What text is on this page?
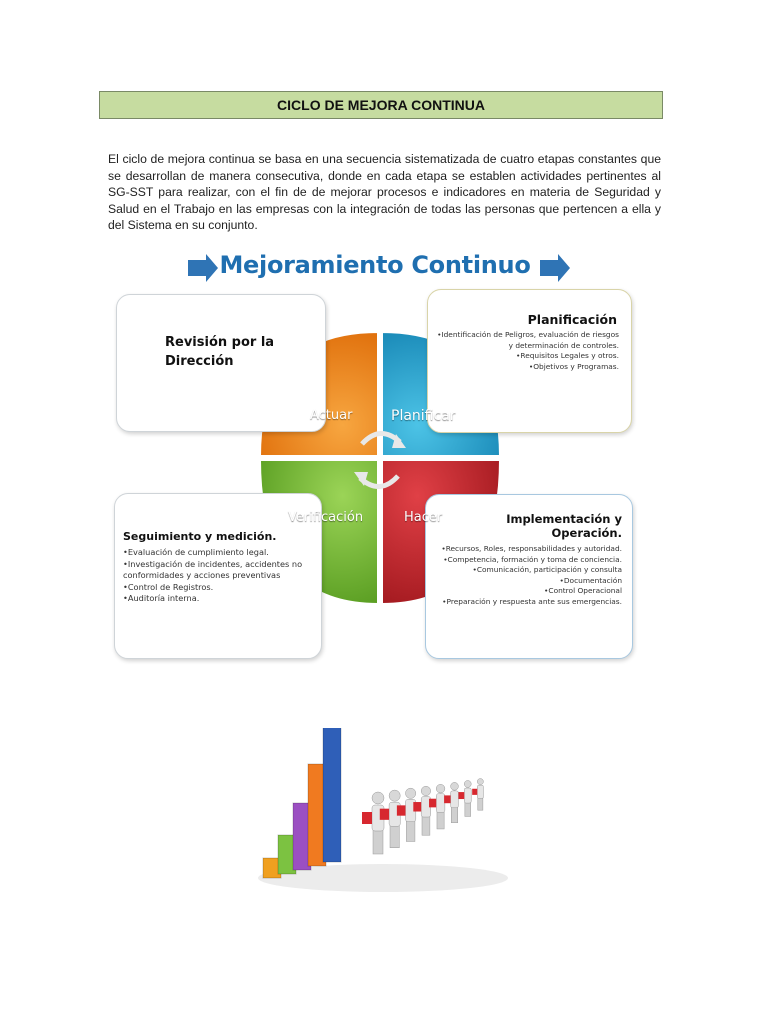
CICLO DE MEJORA CONTINUA
El ciclo de mejora continua se basa en una secuencia sistematizada de cuatro etapas constantes que se desarrollan de manera consecutiva, donde en cada etapa se establen actividades pertinentes al SG-SST para realizar, con el fin de de mejorar procesos e indicadores en materia de Seguridad y Salud en el Trabajo en las empresas con la integración de todas las personas que pertencen a ella y del Sistema en su conjunto.
Mejoramiento Continuo
Revisión por la
Dirección
Planificación
• Identificación de Peligros, evaluación de riesgos y determinación de controles.
• Requisitos Legales y otros.
• Objetivos y Programas.
Seguimiento y medición.
• Evaluación de cumplimiento legal.
• Investigación de incidentes, accidentes no conformidades y acciones preventivas
• Control de Registros.
• Auditoría interna.
Implementación y
Operación.
• Recursos, Roles, responsabilidades y autoridad.
• Competencia, formación y toma de conciencia.
• Comunicación, participación y consulta
• Documentación
• Control Operacional
• Preparación y respuesta ante sus emergencias.
Actuar	Planificar
Verificación	Hacer
